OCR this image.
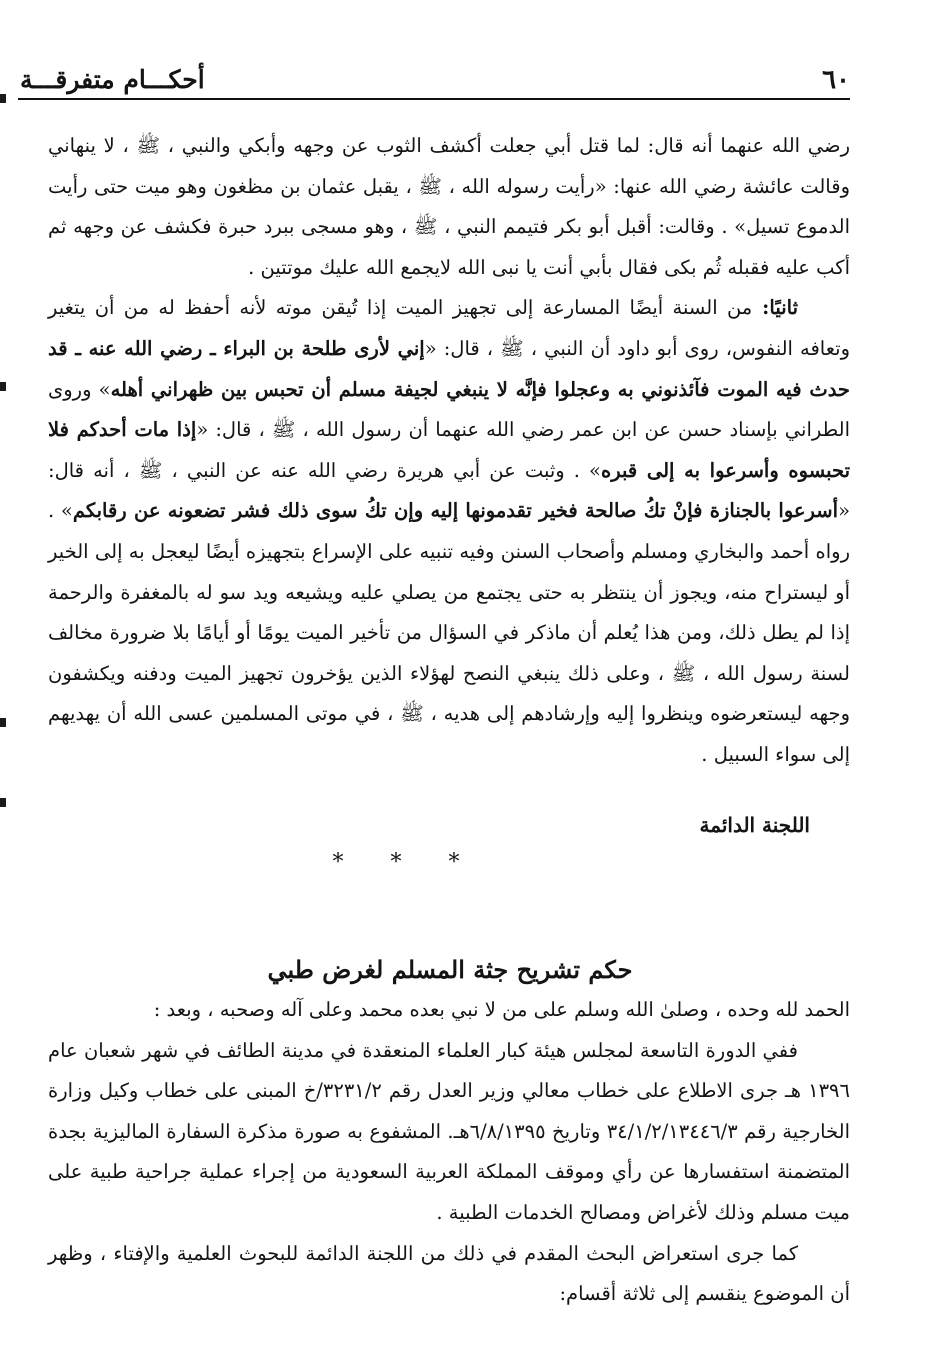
٦٠
أحكـــام متفرقـــة

رضي الله عنهما أنه قال: لما قتل أبي جعلت أكشف الثوب عن وجهه وأبكي والنبي ، ﷺ ، لا ينهاني وقالت عائشة رضي الله عنها: «رأيت رسوله الله ، ﷺ ، يقبل عثمان بن مظغون وهو ميت حتى رأيت الدموع تسيل» . وقالت: أقبل أبو بكر فتيمم النبي ، ﷺ ، وهو مسجى ببرد حبرة فكشف عن وجهه ثم أكب عليه فقبله ثُم بكى فقال بأبي أنت يا نبى الله لايجمع الله عليك موتتين .

ثانيًا: من السنة أيضًا المسارعة إلى تجهيز الميت إذا تُيقن موته لأنه أحفظ له من أن يتغير وتعافه النفوس، روى أبو داود أن النبي ، ﷺ ، قال: «إني لأرى طلحة بن البراء ـ رضي الله عنه ـ قد حدث فيه الموت فآئذنوني به وعجلوا فإنَّه لا ينبغي لجيفة مسلم أن تحبس بين ظهراني أهله» وروى الطراني بإسناد حسن عن ابن عمر رضي الله عنهما أن رسول الله ، ﷺ ، قال: «إذا مات أحدكم فلا تحبسوه وأسرعوا به إلى قبره» . وثبت عن أبي هريرة رضي الله عنه عن النبي ، ﷺ ، أنه قال: «أسرعوا بالجنازة فإنْ تكُ صالحة فخير تقدمونها إليه وإن تكُ سوى ذلك فشر تضعونه عن رقابكم» . رواه أحمد والبخاري ومسلم وأصحاب السنن وفيه تنبيه على الإسراع بتجهيزه أيضًا ليعجل به إلى الخير أو ليستراح منه، ويجوز أن ينتظر به حتى يجتمع من يصلي عليه ويشيعه ويد سو له بالمغفرة والرحمة إذا لم يطل ذلك، ومن هذا يُعلم أن ماذكر في السؤال من تأخير الميت يومًا أو أيامًا بلا ضرورة مخالف لسنة رسول الله ، ﷺ ، وعلى ذلك ينبغي النصح لهؤلاء الذين يؤخرون تجهيز الميت ودفنه ويكشفون وجهه ليستعرضوه وينظروا إليه وإرشادهم إلى هديه ، ﷺ ، في موتى المسلمين عسى الله أن يهديهم إلى سواء السبيل .

اللجنة الدائمة
* * *
حكم تشريح جثة المسلم لغرض طبي

الحمد لله وحده ، وصلىٰ الله وسلم على من لا نبي بعده محمد وعلى آله وصحبه ، وبعد :

ففي الدورة التاسعة لمجلس هيئة كبار العلماء المنعقدة في مدينة الطائف في شهر شعبان عام ١٣٩٦ هـ جرى الاطلاع على خطاب معالي وزير العدل رقم ٣٢٣١/٢/خ المبنى على خطاب وكيل وزارة الخارجية رقم ٣٤/١/٢/١٣٤٤٦/٣ وتاريخ ٦/٨/١٣٩٥هـ. المشفوع به صورة مذكرة السفارة الماليزية بجدة المتضمنة استفسارها عن رأي وموقف المملكة العربية السعودية من إجراء عملية جراحية طبية على ميت مسلم وذلك لأغراض ومصالح الخدمات الطبية .

كما جرى استعراض البحث المقدم في ذلك من اللجنة الدائمة للبحوث العلمية والإفتاء ، وظهر أن الموضوع ينقسم إلى ثلاثة أقسام:
